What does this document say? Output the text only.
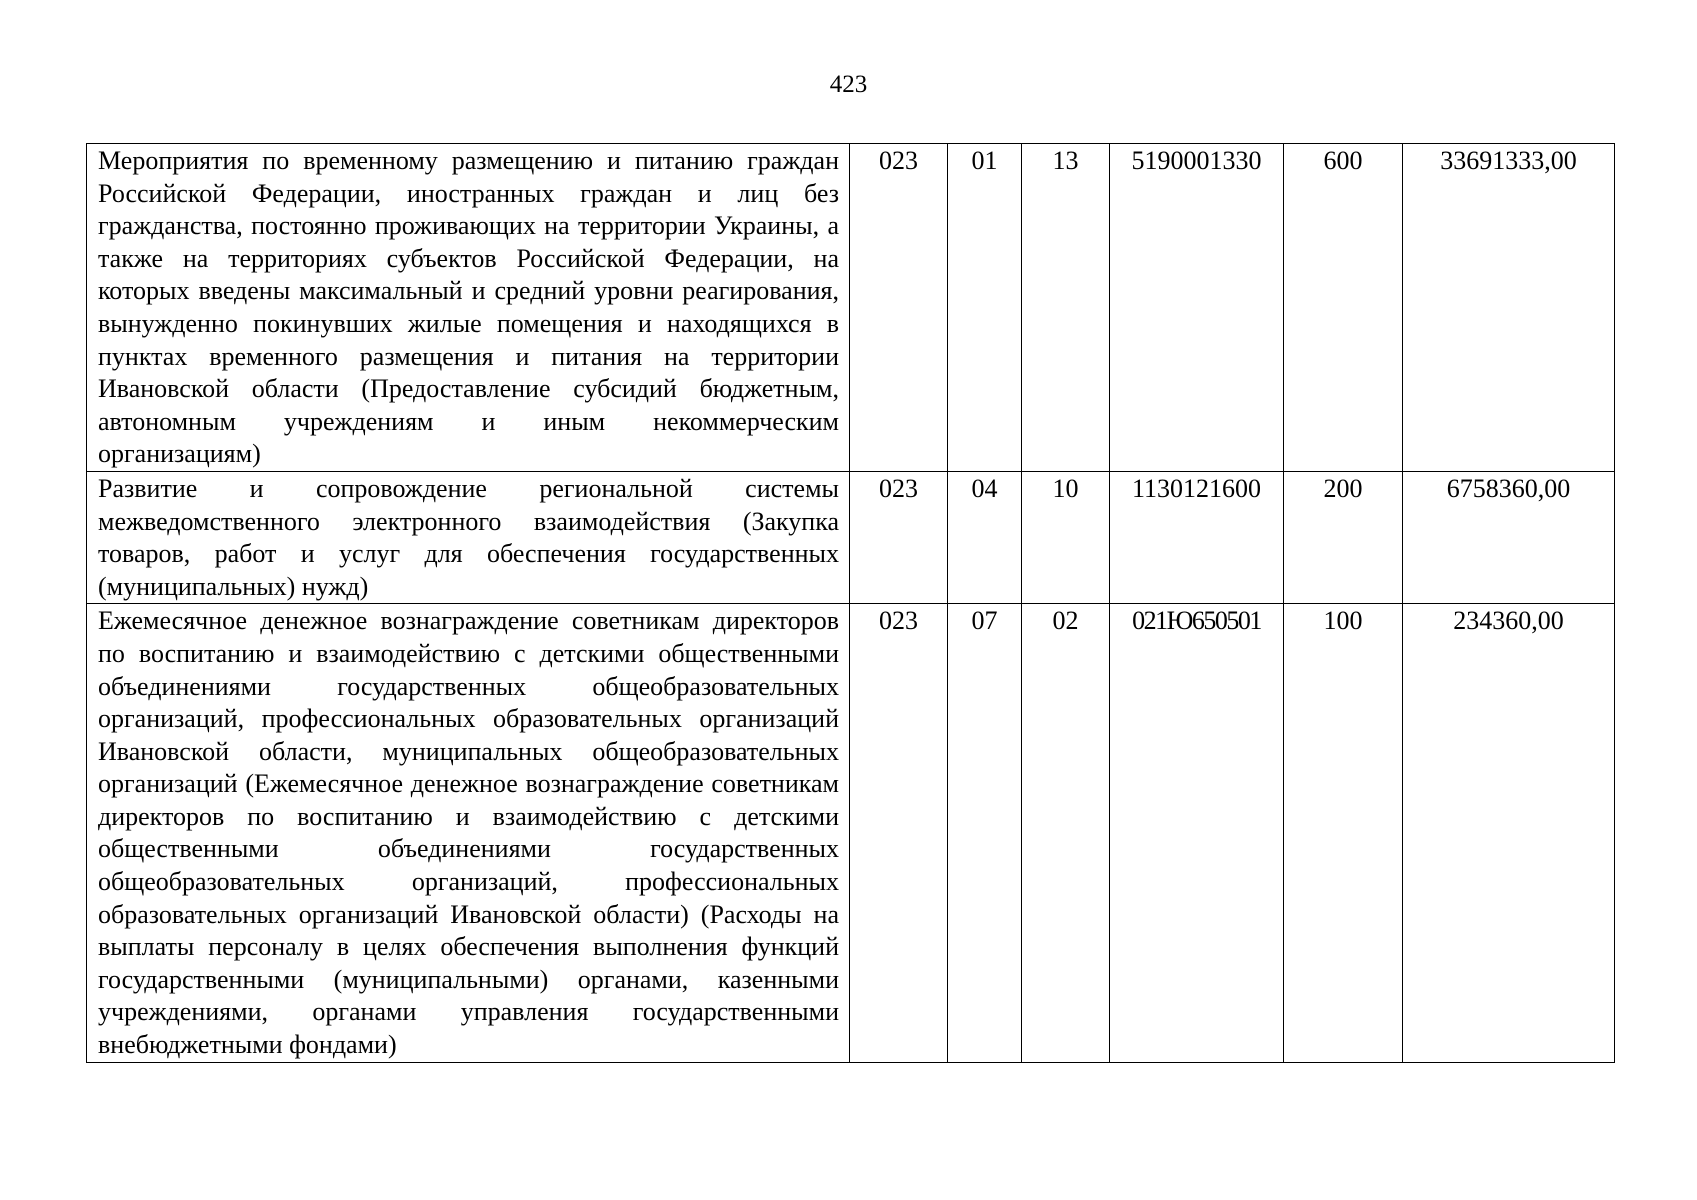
423
Мероприятия по временному размещению и питанию граждан Российской Федерации, иностранных граждан и лиц без гражданства, постоянно проживающих на территории Украины, а также на территориях субъектов Российской Федерации, на которых введены максимальный и средний уровни реагирования, вынужденно покинувших жилые помещения и находящихся в пунктах временного размещения и питания на территории Ивановской области (Предоставление субсидий бюджетным, автономным учреждениям и иным некоммерческим организациям)	023	01	13	5190001330	600	33691333,00
Развитие и сопровождение региональной системы межведомственного электронного взаимодействия (Закупка товаров, работ и услуг для обеспечения государственных (муниципальных) нужд)	023	04	10	1130121600	200	6758360,00
Ежемесячное денежное вознаграждение советникам директоров по воспитанию и взаимодействию с детскими общественными объединениями государственных общеобразовательных организаций, профессиональных образовательных организаций Ивановской области, муниципальных общеобразовательных организаций (Ежемесячное денежное вознаграждение советникам директоров по воспитанию и взаимодействию с детскими общественными объединениями государственных общеобразовательных организаций, профессиональных образовательных организаций Ивановской области) (Расходы на выплаты персоналу в целях обеспечения выполнения функций государственными (муниципальными) органами, казенными учреждениями, органами управления государственными внебюджетными фондами)	023	07	02	021Ю650501	100	234360,00
